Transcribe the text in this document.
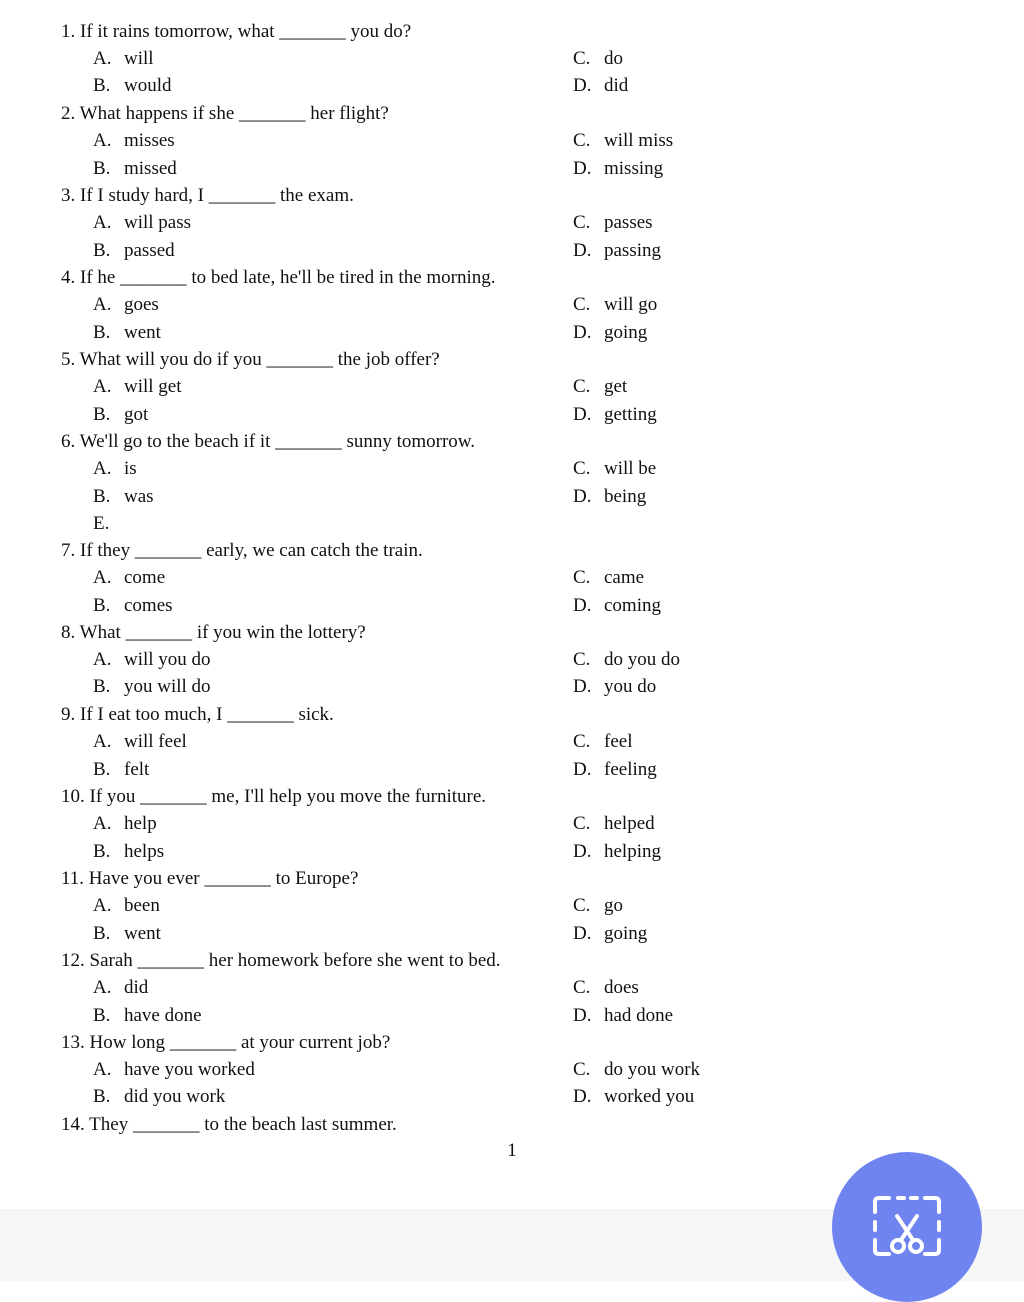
1. If it rains tomorrow, what _______ you do?
A. will	C. do
B. would	D. did
2. What happens if she _______ her flight?
A. misses	C. will miss
B. missed	D. missing
3. If I study hard, I _______ the exam.
A. will pass	C. passes
B. passed	D. passing
4. If he _______ to bed late, he'll be tired in the morning.
A. goes	C. will go
B. went	D. going
5. What will you do if you _______ the job offer?
A. will get	C. get
B. got	D. getting
6. We'll go to the beach if it _______ sunny tomorrow.
A. is	C. will be
B. was	D. being
E.
7. If they _______ early, we can catch the train.
A. come	C. came
B. comes	D. coming
8. What _______ if you win the lottery?
A. will you do	C. do you do
B. you will do	D. you do
9. If I eat too much, I _______ sick.
A. will feel	C. feel
B. felt	D. feeling
10. If you _______ me, I'll help you move the furniture.
A. help	C. helped
B. helps	D. helping
11. Have you ever _______ to Europe?
A. been	C. go
B. went	D. going
12. Sarah _______ her homework before she went to bed.
A. did	C. does
B. have done	D. had done
13. How long _______ at your current job?
A. have you worked	C. do you work
B. did you work	D. worked you
14. They _______ to the beach last summer.
1
